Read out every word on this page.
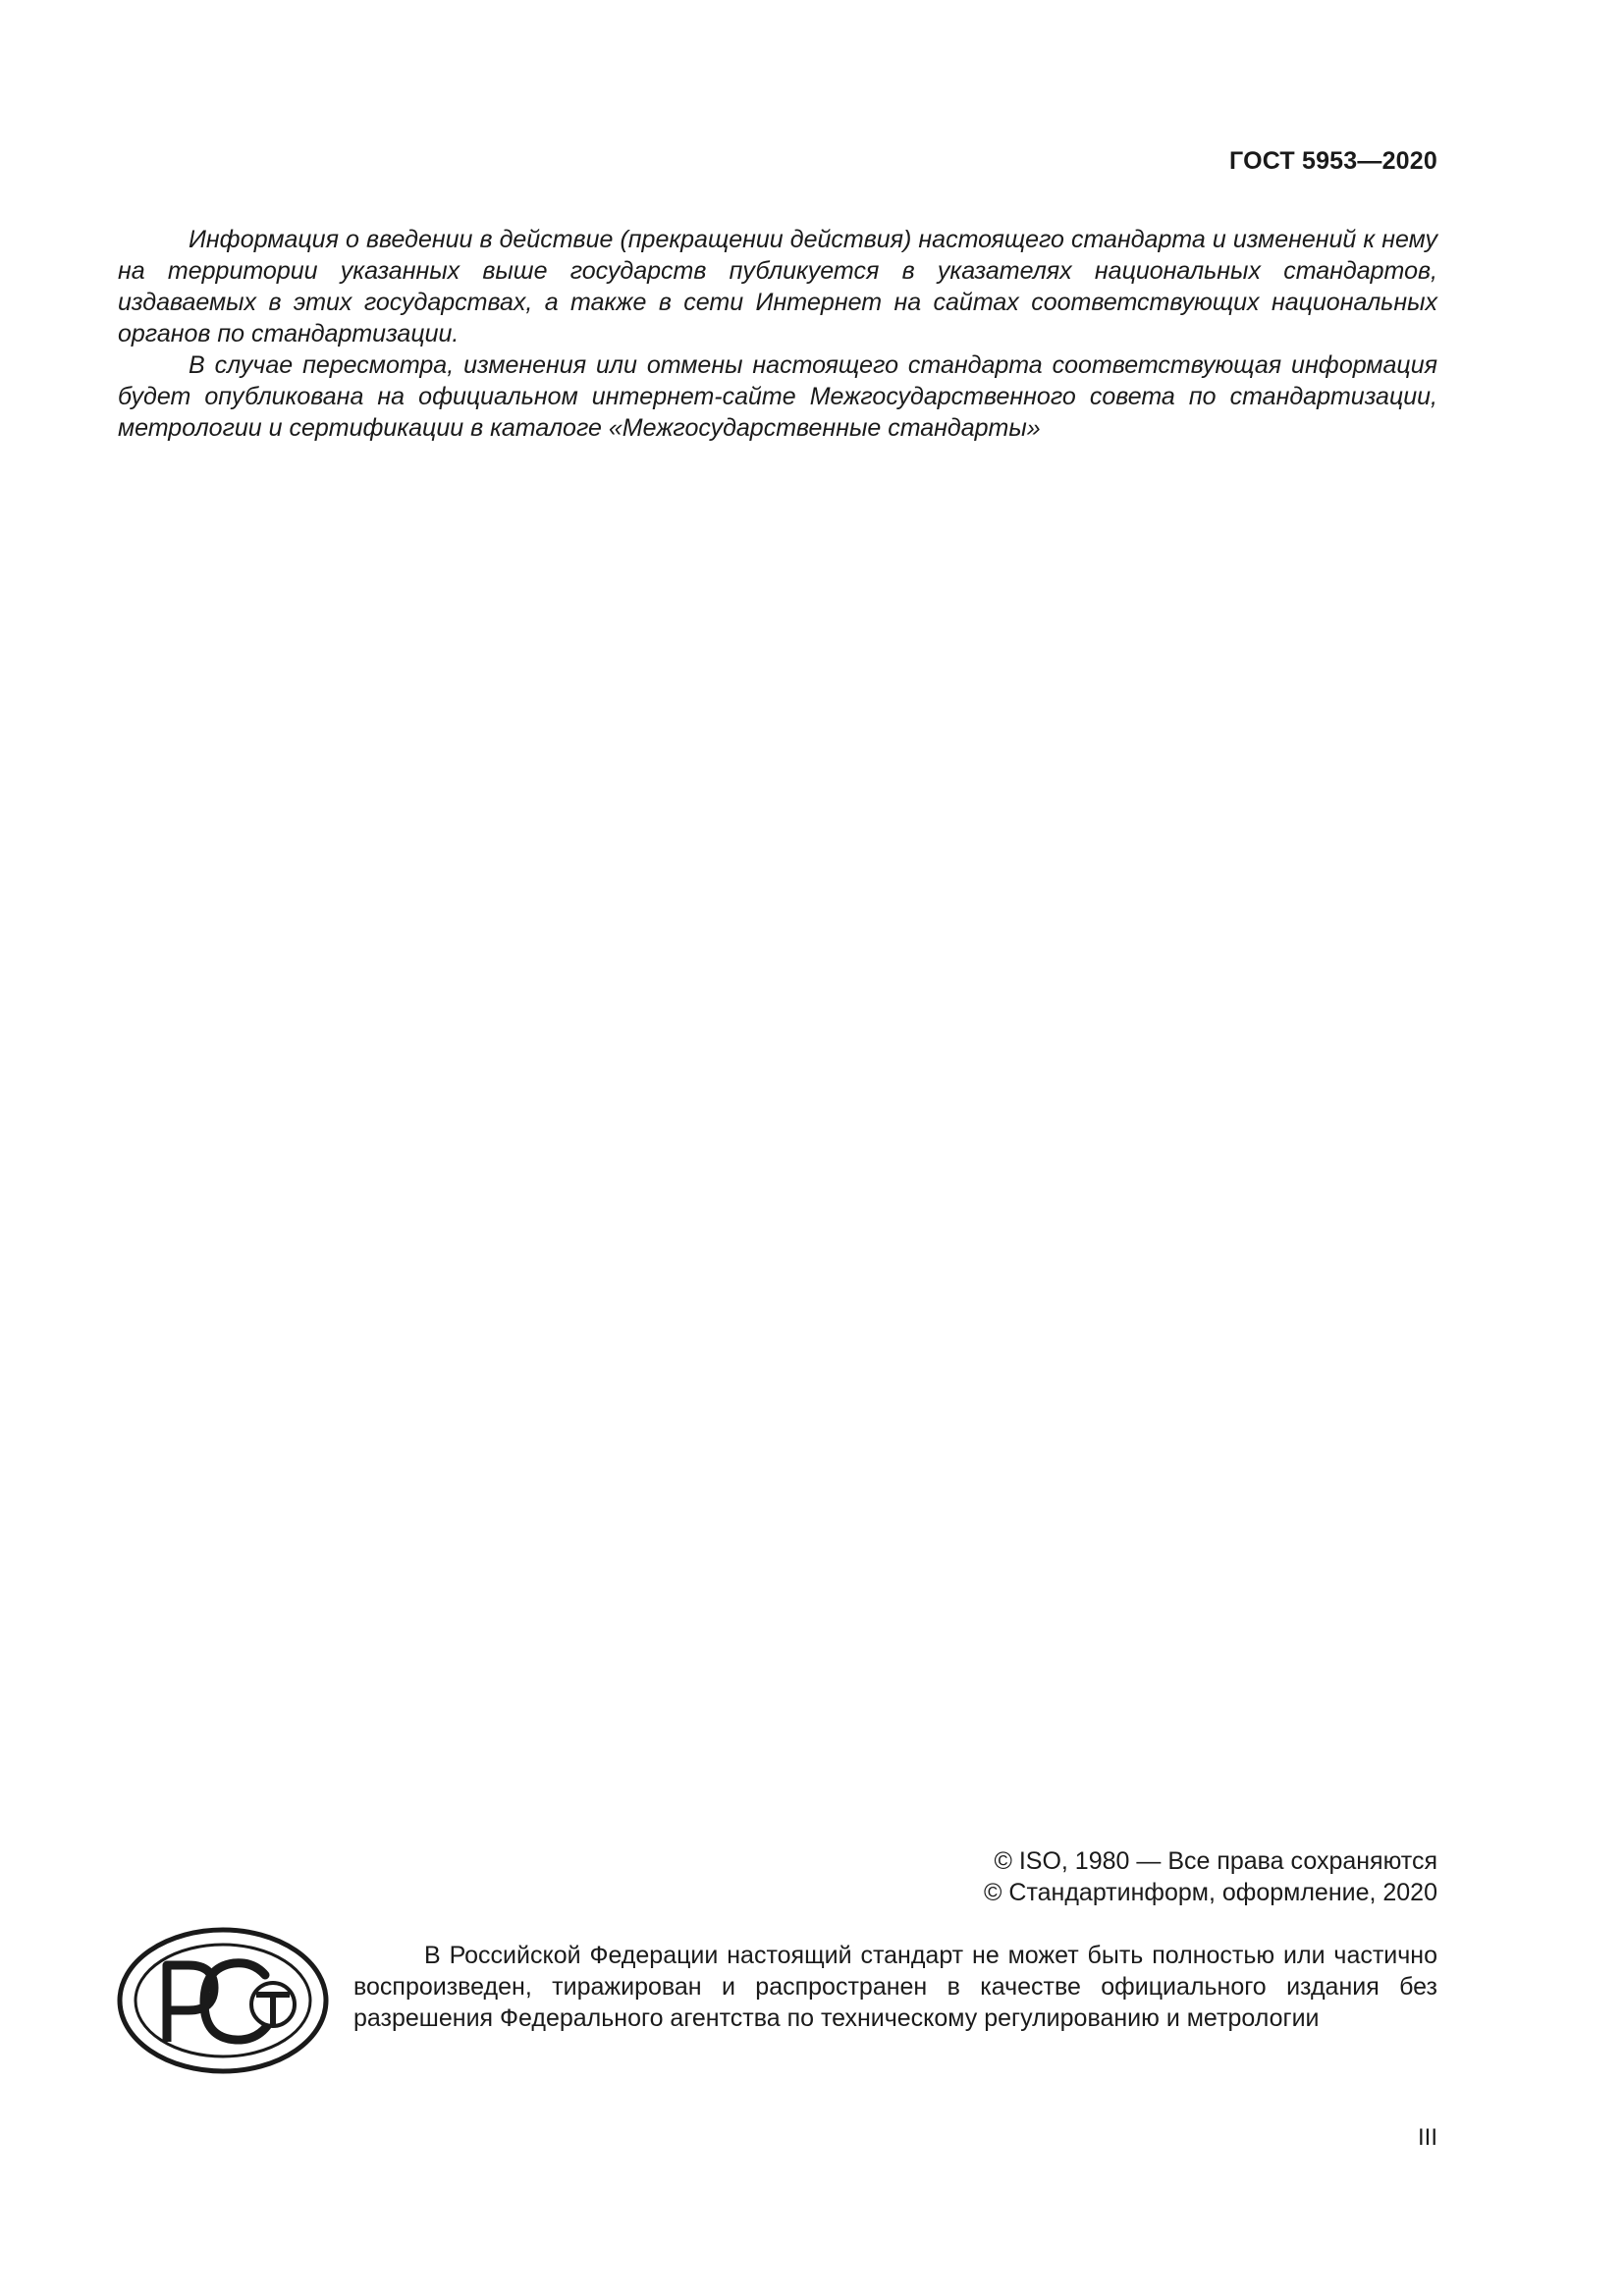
ГОСТ 5953—2020

Информация о введении в действие (прекращении действия) настоящего стандарта и изменений к нему на территории указанных выше государств публикуется в указателях национальных стандартов, издаваемых в этих государствах, а также в сети Интернет на сайтах соответствующих национальных органов по стандартизации.

В случае пересмотра, изменения или отмены настоящего стандарта соответствующая информация будет опубликована на официальном интернет-сайте Межгосударственного совета по стандартизации, метрологии и сертификации в каталоге «Межгосударственные стандарты»

© ISO, 1980 — Все права сохраняются
© Стандартинформ, оформление, 2020

В Российской Федерации настоящий стандарт не может быть полностью или частично воспроизведен, тиражирован и распространен в качестве официального издания без разрешения Федерального агентства по техническому регулированию и метрологии

III
